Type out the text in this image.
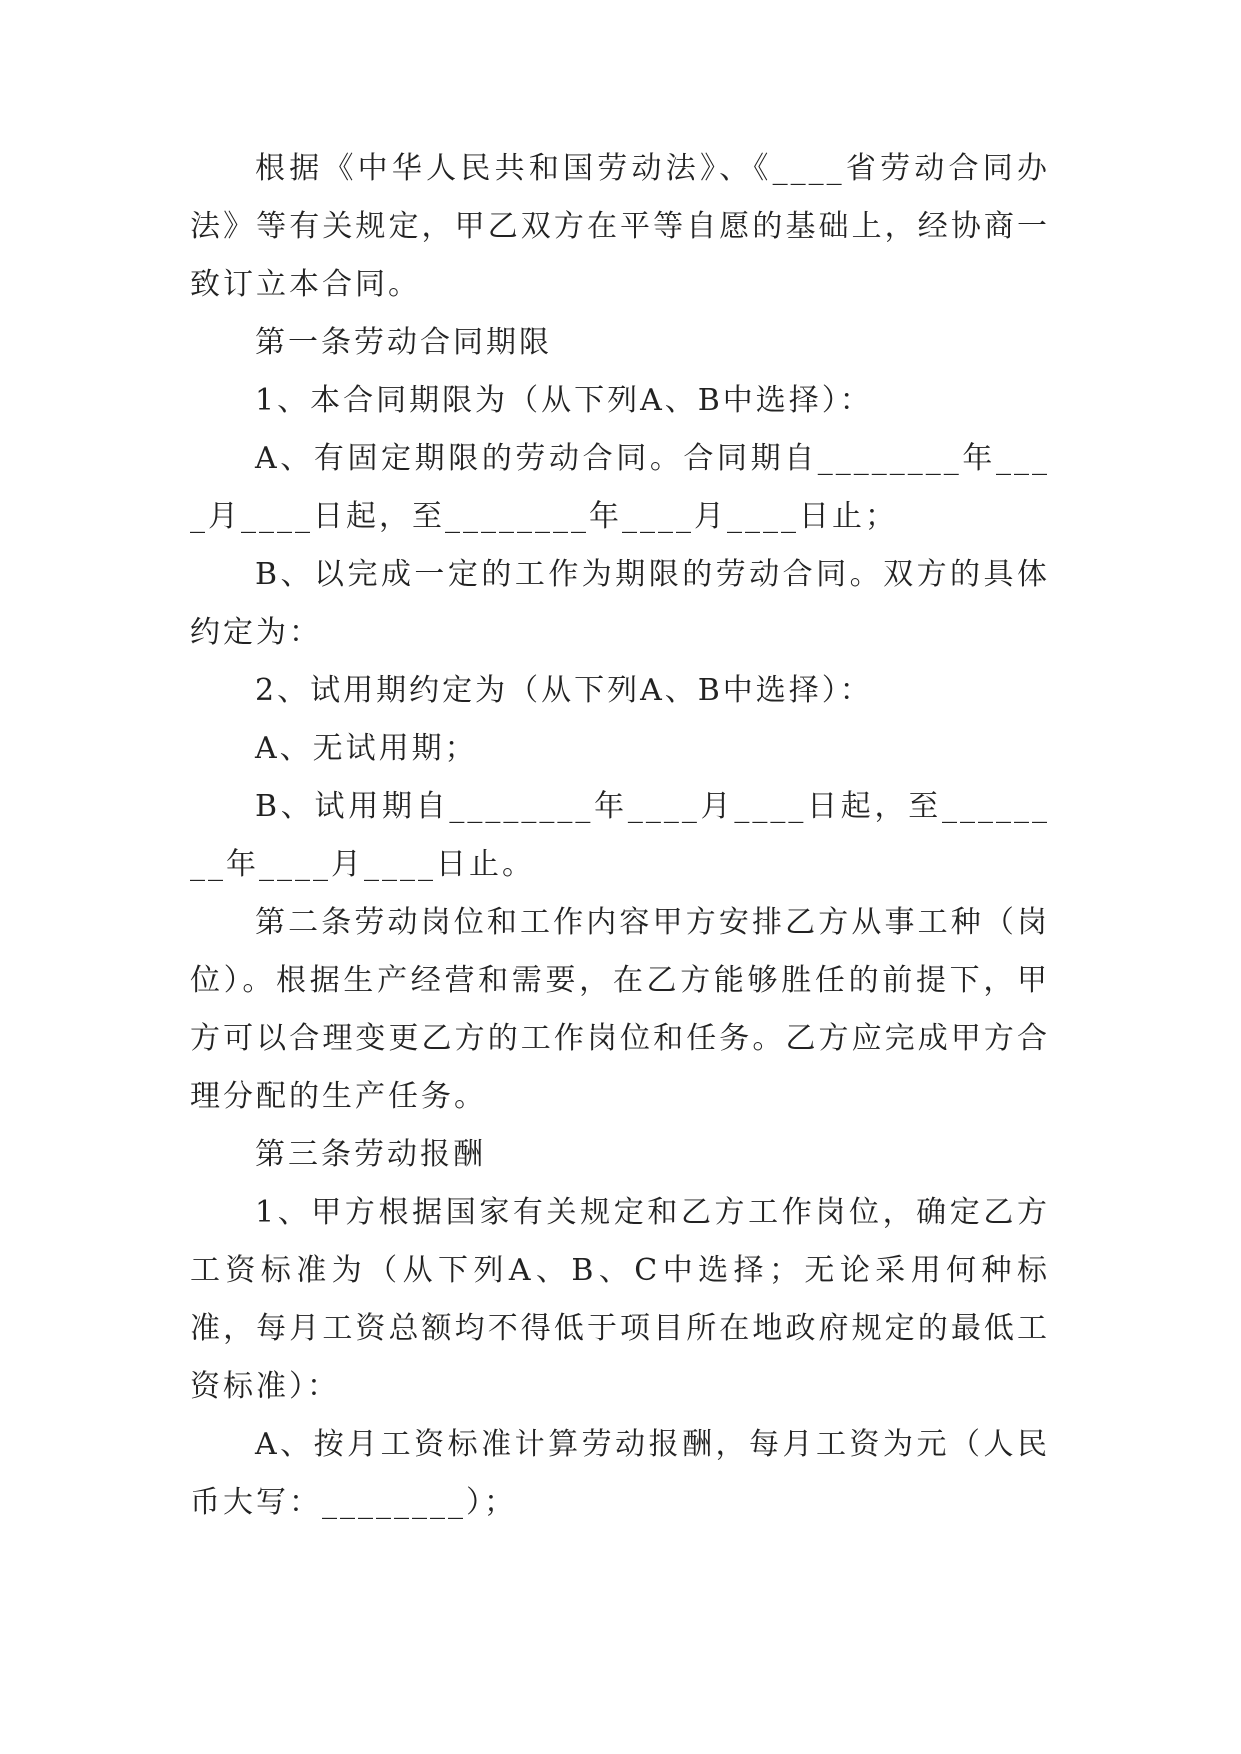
根据《中华人民共和国劳动法》、《____省劳动合同办法》等有关规定，甲乙双方在平等自愿的基础上，经协商一致订立本合同。

第一条劳动合同期限

1、本合同期限为（从下列A、B中选择）：

A、有固定期限的劳动合同。合同期自________年____月____日起，至________年____月____日止；

B、以完成一定的工作为期限的劳动合同。双方的具体约定为：

2、试用期约定为（从下列A、B中选择）：

A、无试用期；

B、试用期自________年____月____日起，至________年____月____日止。

第二条劳动岗位和工作内容甲方安排乙方从事工种（岗位）。根据生产经营和需要，在乙方能够胜任的前提下，甲方可以合理变更乙方的工作岗位和任务。乙方应完成甲方合理分配的生产任务。

第三条劳动报酬

1、甲方根据国家有关规定和乙方工作岗位，确定乙方工资标准为（从下列A、B、C中选择；无论采用何种标准，每月工资总额均不得低于项目所在地政府规定的最低工资标准）：

A、按月工资标准计算劳动报酬，每月工资为元（人民币大写：________）；
